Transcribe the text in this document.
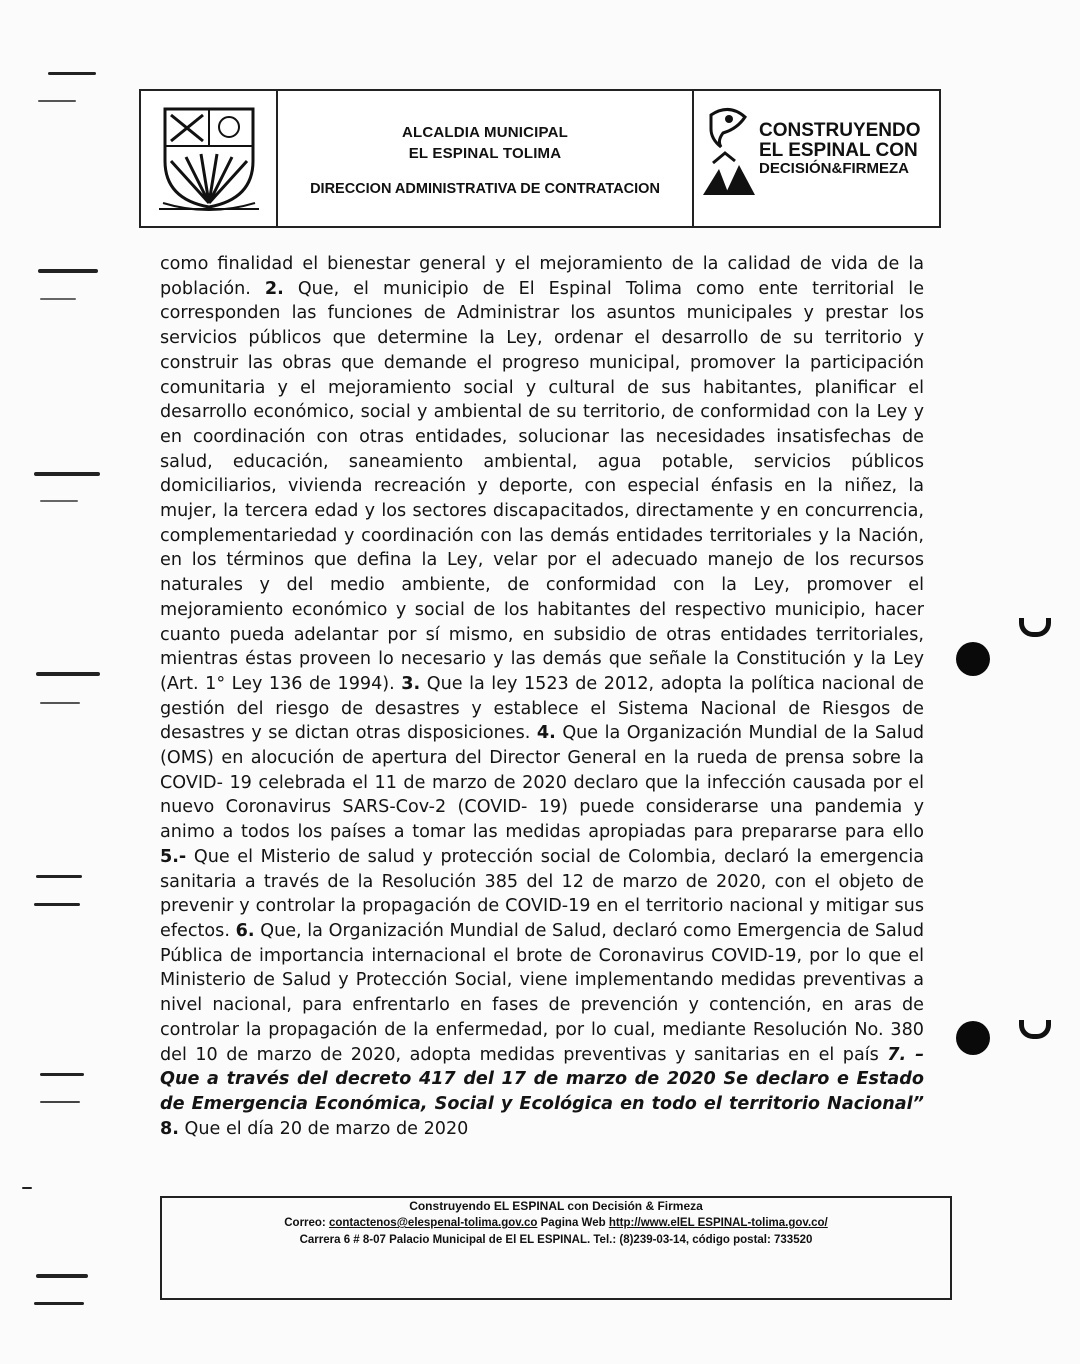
ALCALDIA MUNICIPAL
EL ESPINAL TOLIMA
DIRECCION ADMINISTRATIVA DE CONTRATACION
CONSTRUYENDO
EL ESPINAL CON
DECISIÓN&FIRMEZA
como finalidad el bienestar general y el mejoramiento de la calidad de vida de la población. 2. Que, el municipio de El Espinal Tolima como ente territorial le corresponden las funciones de Administrar los asuntos municipales y prestar los servicios públicos que determine la Ley, ordenar el desarrollo de su territorio y construir las obras que demande el progreso municipal, promover la participación comunitaria y el mejoramiento social y cultural de sus habitantes, planificar el desarrollo económico, social y ambiental de su territorio, de conformidad con la Ley y en coordinación con otras entidades, solucionar las necesidades insatisfechas de salud, educación, saneamiento ambiental, agua potable, servicios públicos domiciliarios, vivienda recreación y deporte, con especial énfasis en la niñez, la mujer, la tercera edad y los sectores discapacitados, directamente y en concurrencia, complementariedad y coordinación con las demás entidades territoriales y la Nación, en los términos que defina la Ley, velar por el adecuado manejo de los recursos naturales y del medio ambiente, de conformidad con la Ley, promover el mejoramiento económico y social de los habitantes del respectivo municipio, hacer cuanto pueda adelantar por sí mismo, en subsidio de otras entidades territoriales, mientras éstas proveen lo necesario y las demás que señale la Constitución y la Ley (Art. 1° Ley 136 de 1994). 3. Que la ley 1523 de 2012, adopta la política nacional de gestión del riesgo de desastres y establece el Sistema Nacional de Riesgos de desastres y se dictan otras disposiciones. 4. Que la Organización Mundial de la Salud (OMS) en alocución de apertura del Director General en la rueda de prensa sobre la COVID- 19 celebrada el 11 de marzo de 2020 declaro que la infección causada por el nuevo Coronavirus SARS-Cov-2 (COVID- 19) puede considerarse una pandemia y animo a todos los países a tomar las medidas apropiadas para prepararse para ello 5.- Que el Misterio de salud y protección social de Colombia, declaró la emergencia sanitaria a través de la Resolución 385 del 12 de marzo de 2020, con el objeto de prevenir y controlar la propagación de COVID-19 en el territorio nacional y mitigar sus efectos. 6. Que, la Organización Mundial de Salud, declaró como Emergencia de Salud Pública de importancia internacional el brote de Coronavirus COVID-19, por lo que el Ministerio de Salud y Protección Social, viene implementando medidas preventivas a nivel nacional, para enfrentarlo en fases de prevención y contención, en aras de controlar la propagación de la enfermedad, por lo cual, mediante Resolución No. 380 del 10 de marzo de 2020, adopta medidas preventivas y sanitarias en el país 7. – Que a través del decreto 417 del 17 de marzo de 2020 Se declaro e Estado de Emergencia Económica, Social y Ecológica en todo el territorio Nacional” 8. Que el día 20 de marzo de 2020
Construyendo EL ESPINAL con Decisión & Firmeza
Correo: contactenos@elespenal-tolima.gov.co Pagina Web http://www.elEL ESPINAL-tolima.gov.co/
Carrera 6 # 8-07 Palacio Municipal de El EL ESPINAL. Tel.: (8)239-03-14, código postal: 733520
